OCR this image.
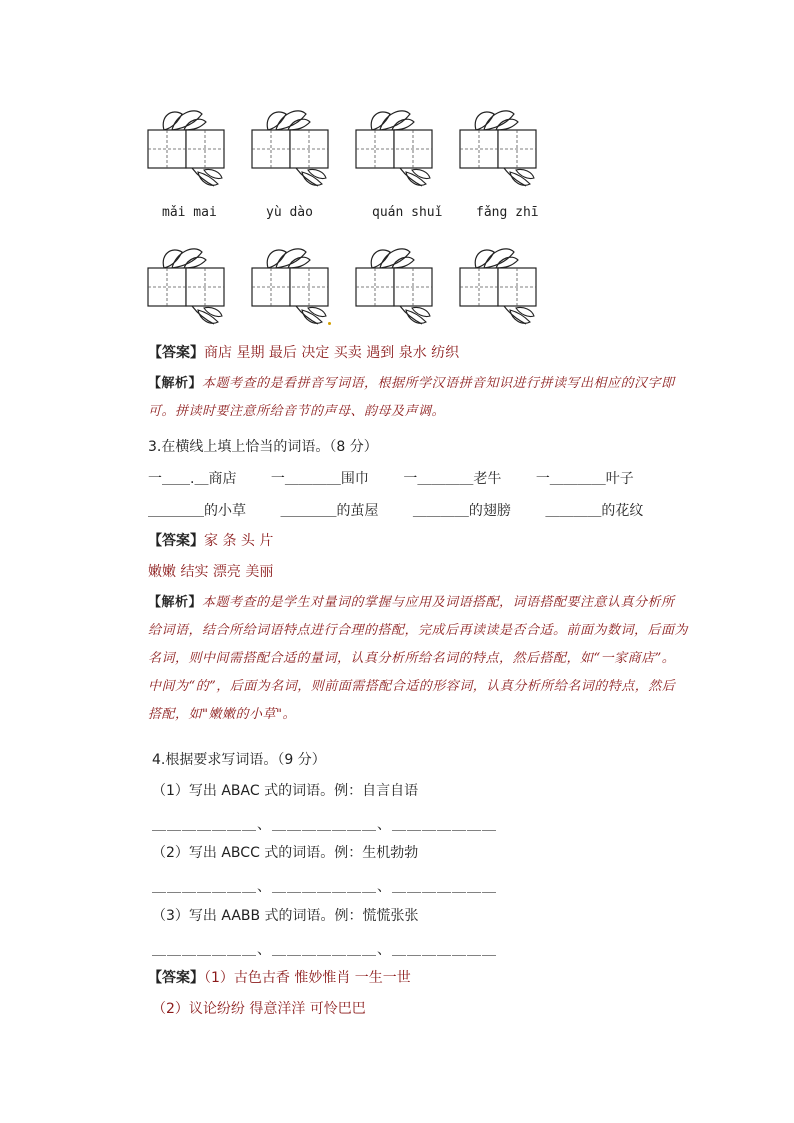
mǎi mai	yù dào	quán shuǐ	fǎng zhī
【答案】商店 星期 最后 决定 买卖 遇到 泉水 纺织
【解析】本题考查的是看拼音写词语，根据所学汉语拼音知识进行拼读写出相应的汉字即可。拼读时要注意所给音节的声母、韵母及声调。
3.在横线上填上恰当的词语。（8 分）
一＿＿.＿商店 一＿＿＿＿围巾 一＿＿＿＿老牛 一＿＿＿＿叶子
＿＿＿＿的小草 ＿＿＿＿的茧屋 ＿＿＿＿的翅膀 ＿＿＿＿的花纹
【答案】家 条 头 片
嫩嫩 结实 漂亮 美丽
【解析】本题考查的是学生对量词的掌握与应用及词语搭配，词语搭配要注意认真分析所给词语，结合所给词语特点进行合理的搭配，完成后再读读是否合适。前面为数词，后面为名词，则中间需搭配合适的量词，认真分析所给名词的特点，然后搭配，如“一家商店”。中间为“的”，后面为名词，则前面需搭配合适的形容词，认真分析所给名词的特点，然后搭配，如"嫩嫩的小草"。
4.根据要求写词语。（9 分）
（1）写出 ABAC 式的词语。例：自言自语
＿＿＿＿＿＿＿、＿＿＿＿＿＿＿、＿＿＿＿＿＿＿
（2）写出 ABCC 式的词语。例：生机勃勃
＿＿＿＿＿＿＿、＿＿＿＿＿＿＿、＿＿＿＿＿＿＿
（3）写出 AABB 式的词语。例：慌慌张张
＿＿＿＿＿＿＿、＿＿＿＿＿＿＿、＿＿＿＿＿＿＿
【答案】（1）古色古香 惟妙惟肖 一生一世
（2）议论纷纷 得意洋洋 可怜巴巴
